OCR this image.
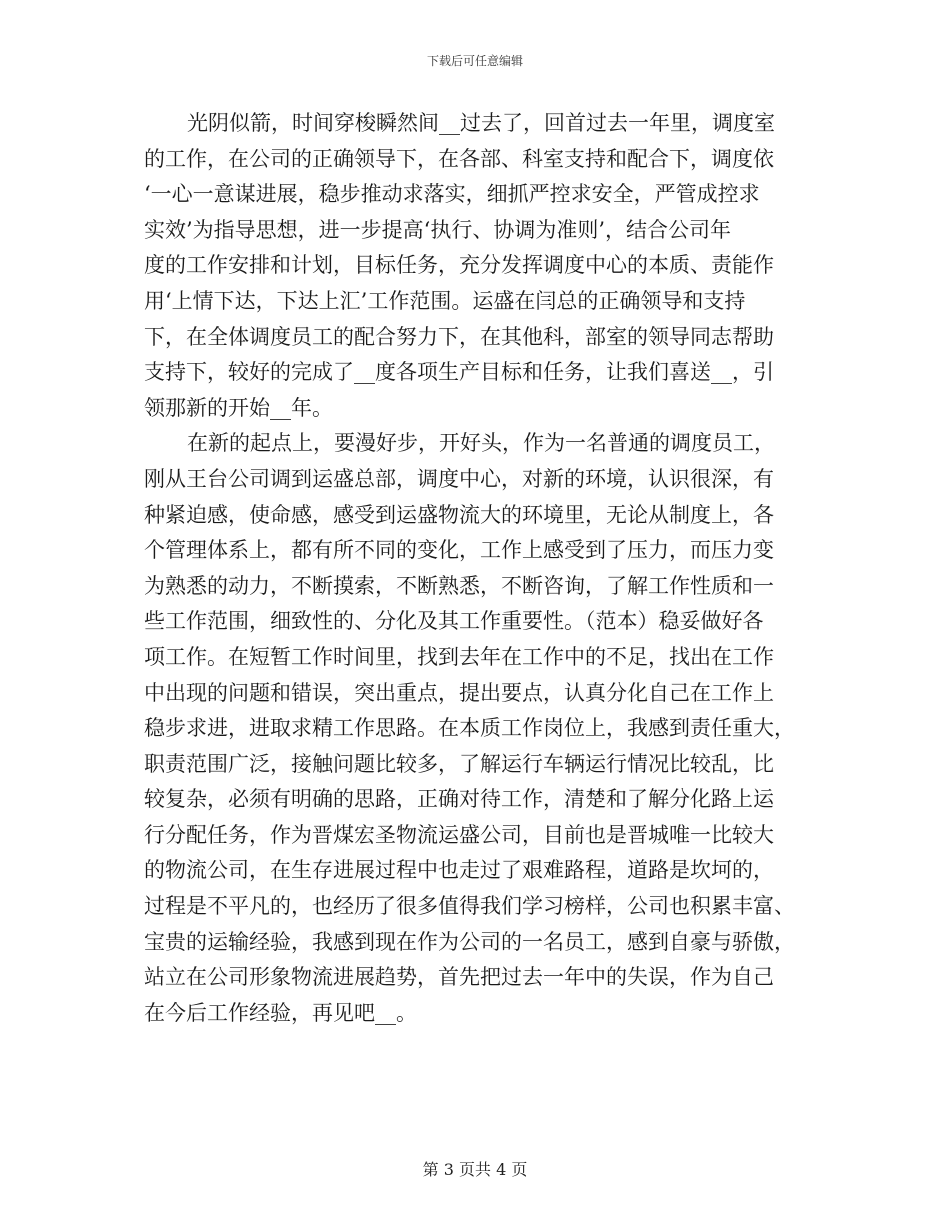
下载后可任意编辑
光阴似箭，时间穿梭瞬然间__过去了，回首过去一年里，调度室
的工作，在公司的正确领导下，在各部、科室支持和配合下，调度依
‘一心一意谋进展，稳步推动求落实，细抓严控求安全，严管成控求
实效’为指导思想，进一步提高‘执行、协调为准则’，结合公司年
度的工作安排和计划，目标任务，充分发挥调度中心的本质、责能作
用‘上情下达，下达上汇’工作范围。运盛在闫总的正确领导和支持
下，在全体调度员工的配合努力下，在其他科，部室的领导同志帮助
支持下，较好的完成了__度各项生产目标和任务，让我们喜送__，引
领那新的开始__年。
在新的起点上，要漫好步，开好头，作为一名普通的调度员工，
刚从王台公司调到运盛总部，调度中心，对新的环境，认识很深，有
种紧迫感，使命感，感受到运盛物流大的环境里，无论从制度上，各
个管理体系上，都有所不同的变化，工作上感受到了压力，而压力变
为熟悉的动力，不断摸索，不断熟悉，不断咨询，了解工作性质和一
些工作范围，细致性的、分化及其工作重要性。（范本）稳妥做好各
项工作。在短暂工作时间里，找到去年在工作中的不足，找出在工作
中出现的问题和错误，突出重点，提出要点，认真分化自己在工作上
稳步求进，进取求精工作思路。在本质工作岗位上，我感到责任重大，
职责范围广泛，接触问题比较多，了解运行车辆运行情况比较乱，比
较复杂，必须有明确的思路，正确对待工作，清楚和了解分化路上运
行分配任务，作为晋煤宏圣物流运盛公司，目前也是晋城唯一比较大
的物流公司，在生存进展过程中也走过了艰难路程，道路是坎坷的，
过程是不平凡的，也经历了很多值得我们学习榜样，公司也积累丰富、
宝贵的运输经验，我感到现在作为公司的一名员工，感到自豪与骄傲，
站立在公司形象物流进展趋势，首先把过去一年中的失误，作为自己
在今后工作经验，再见吧__。
第 3 页共 4 页
